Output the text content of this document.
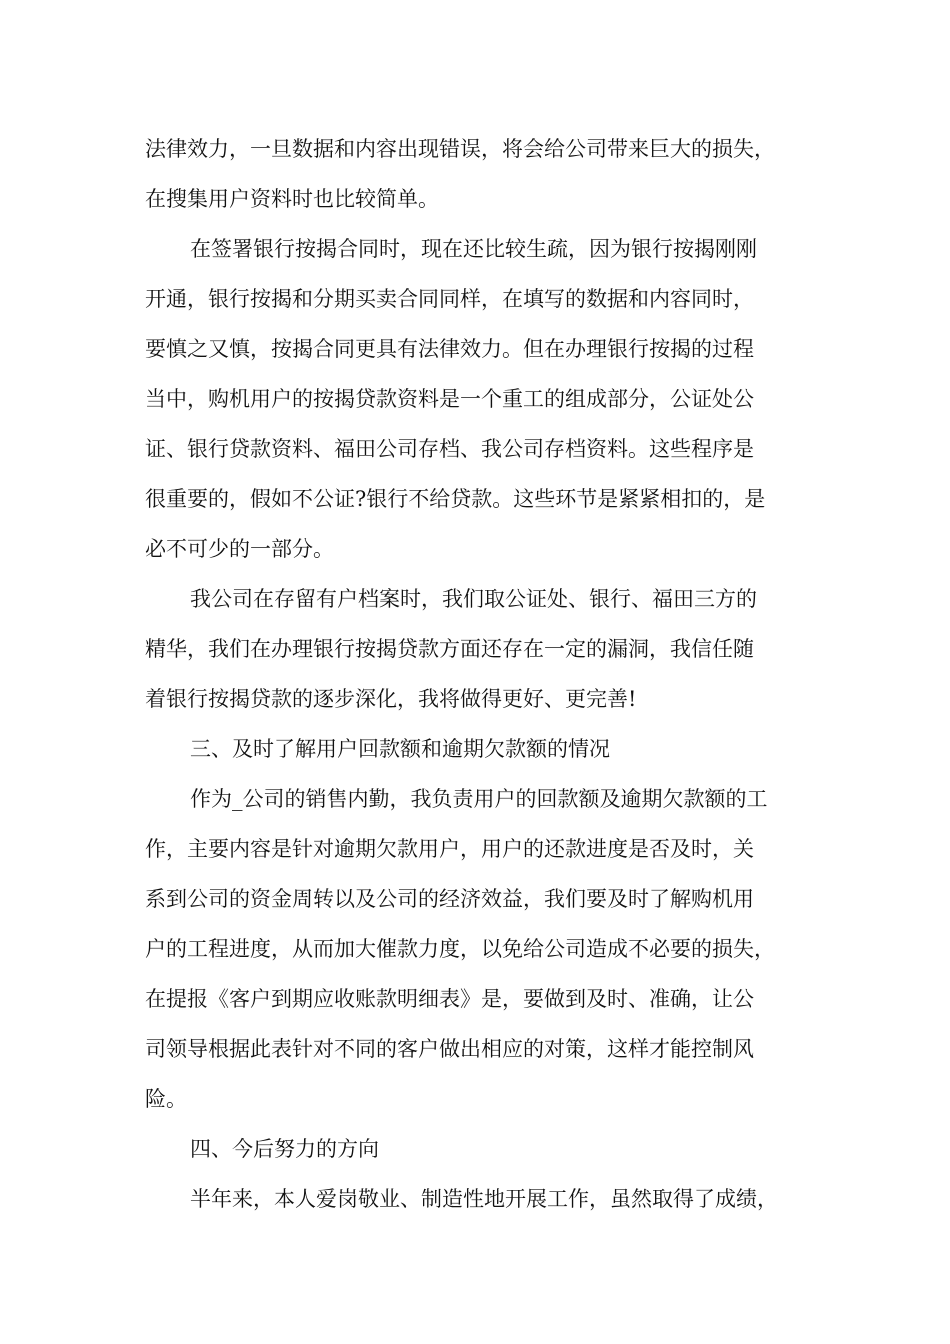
法律效力，一旦数据和内容出现错误，将会给公司带来巨大的损失，
在搜集用户资料时也比较简单。
在签署银行按揭合同时，现在还比较生疏，因为银行按揭刚刚
开通，银行按揭和分期买卖合同同样，在填写的数据和内容同时，
要慎之又慎，按揭合同更具有法律效力。但在办理银行按揭的过程
当中，购机用户的按揭贷款资料是一个重工的组成部分，公证处公
证、银行贷款资料、福田公司存档、我公司存档资料。这些程序是
很重要的，假如不公证?银行不给贷款。这些环节是紧紧相扣的，是
必不可少的一部分。
我公司在存留有户档案时，我们取公证处、银行、福田三方的
精华，我们在办理银行按揭贷款方面还存在一定的漏洞，我信任随
着银行按揭贷款的逐步深化，我将做得更好、更完善!
三、及时了解用户回款额和逾期欠款额的情况
作为_公司的销售内勤，我负责用户的回款额及逾期欠款额的工
作，主要内容是针对逾期欠款用户，用户的还款进度是否及时，关
系到公司的资金周转以及公司的经济效益，我们要及时了解购机用
户的工程进度，从而加大催款力度，以免给公司造成不必要的损失，
在提报《客户到期应收账款明细表》是，要做到及时、准确，让公
司领导根据此表针对不同的客户做出相应的对策，这样才能控制风
险。
四、今后努力的方向
半年来，本人爱岗敬业、制造性地开展工作，虽然取得了成绩，
